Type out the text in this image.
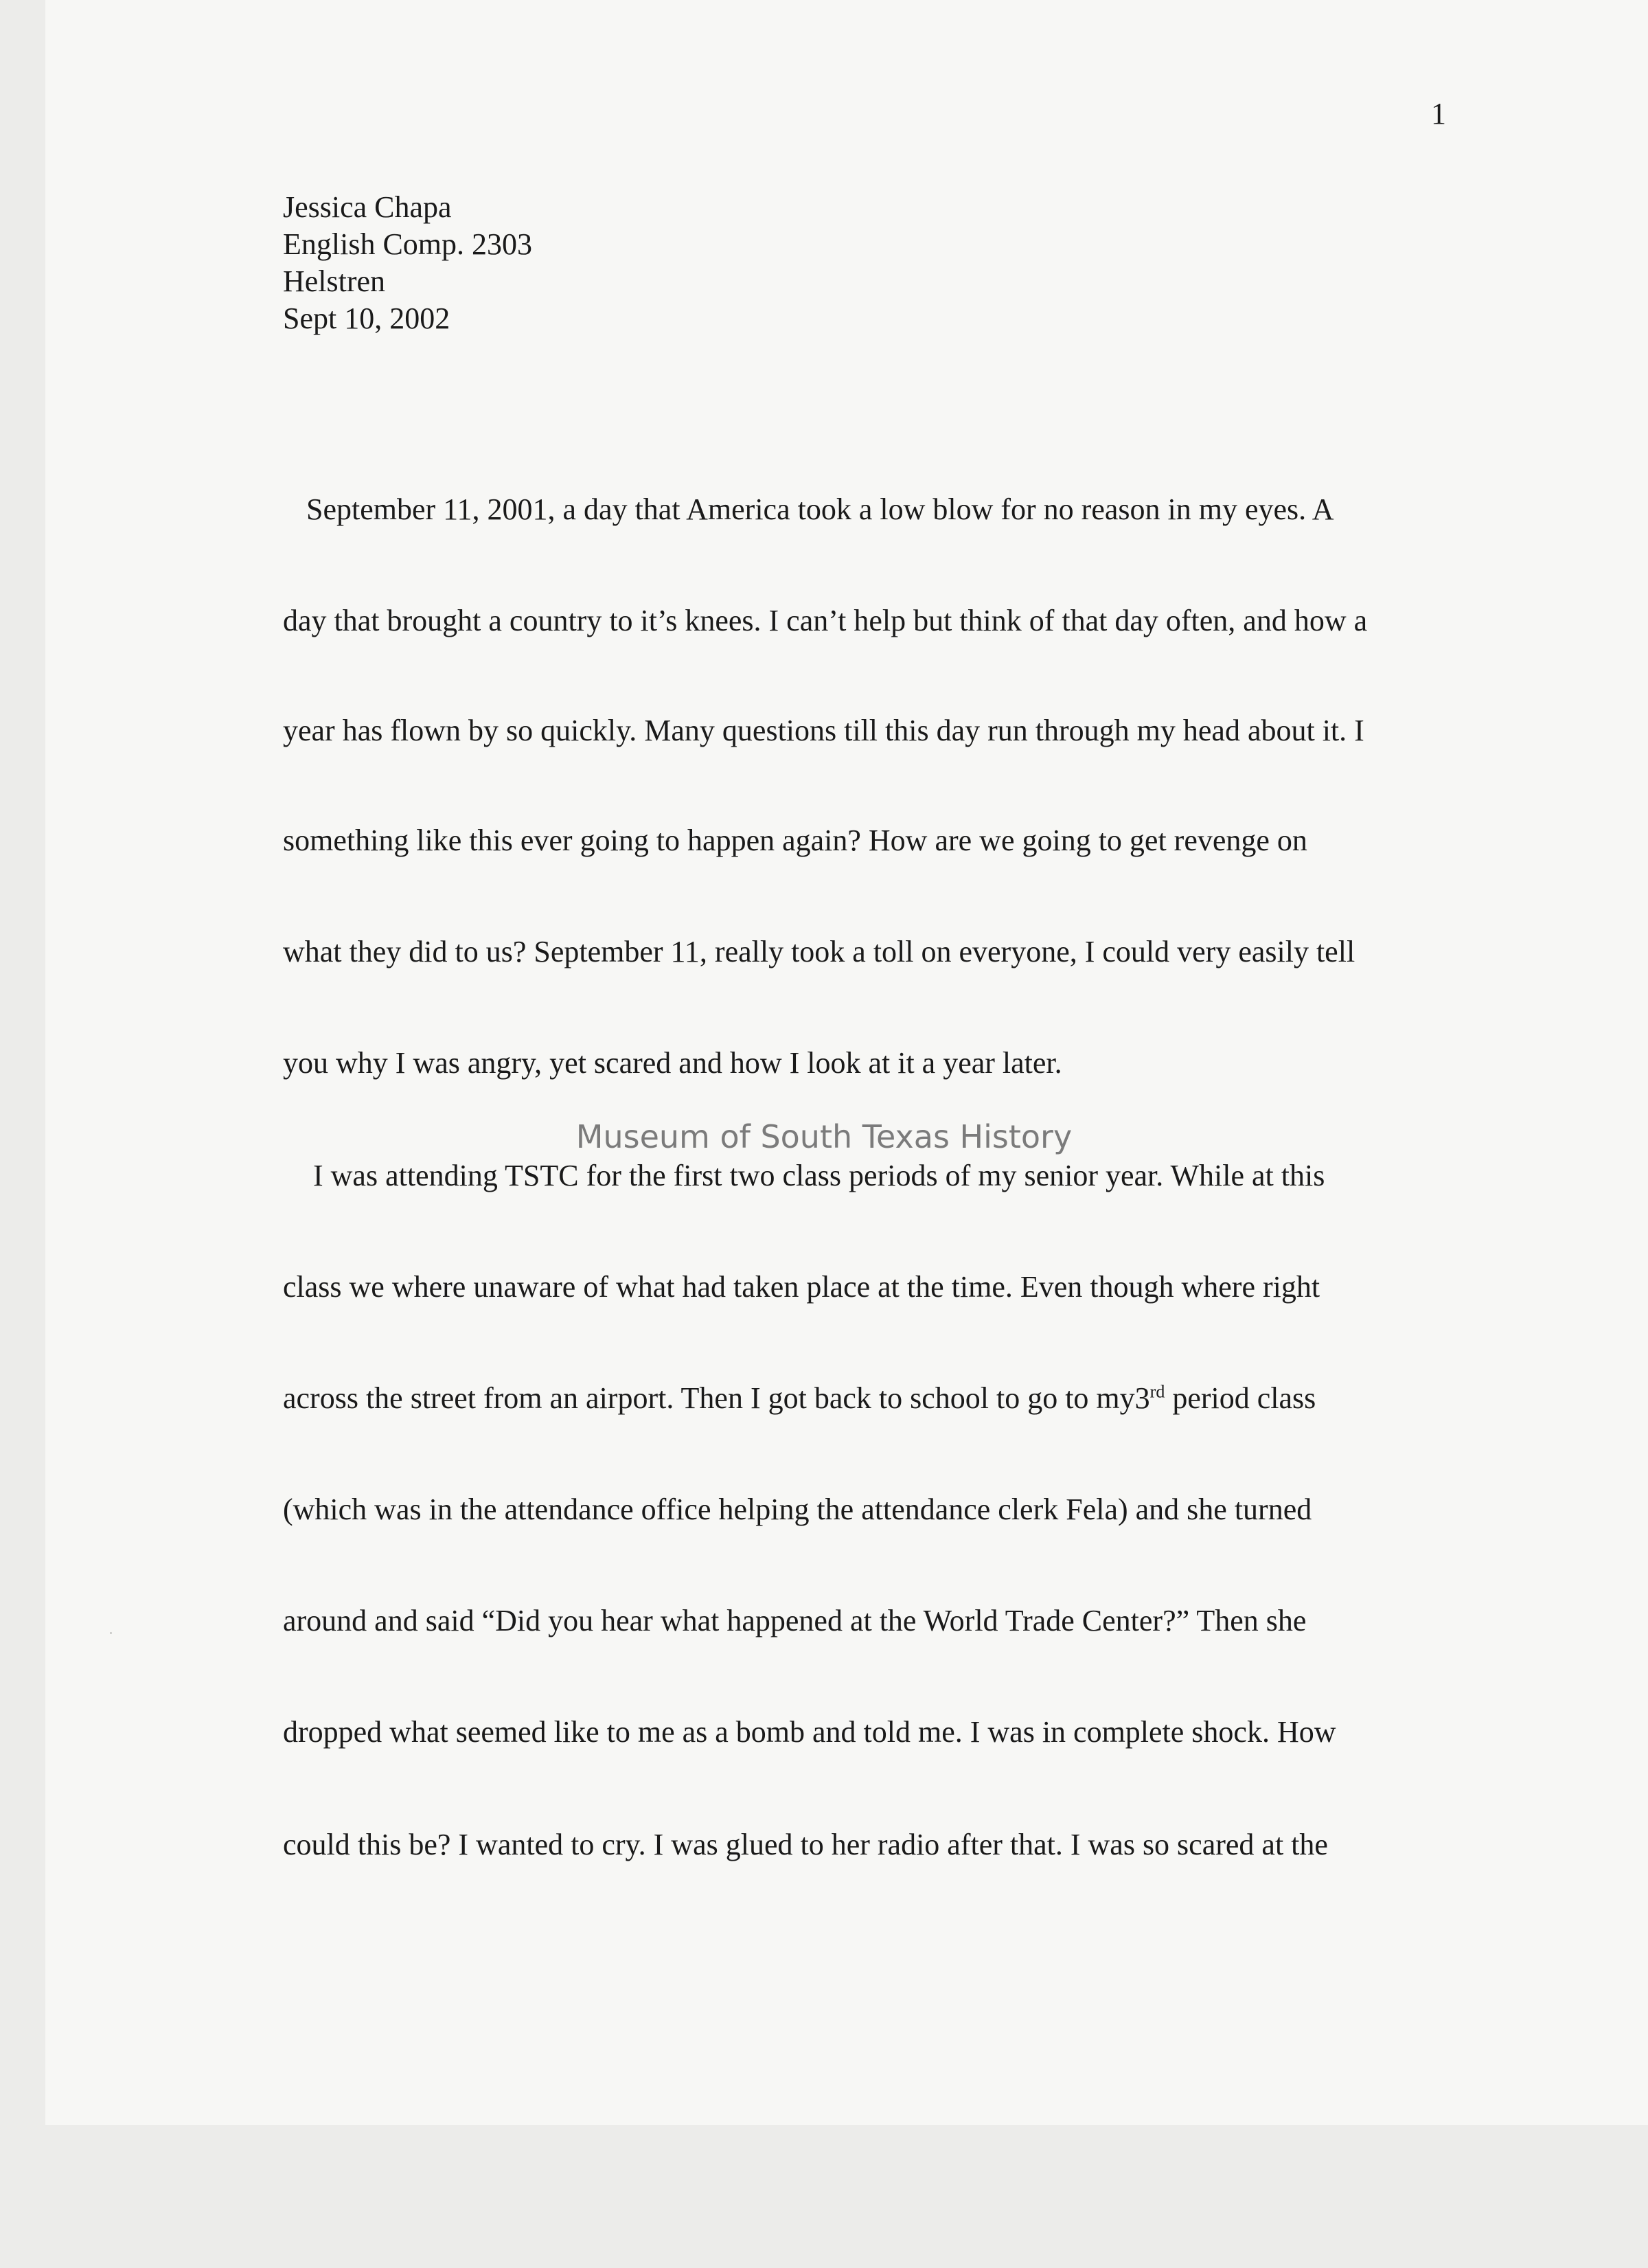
1
Jessica Chapa
English Comp. 2303
Helstren
Sept 10, 2002
September 11, 2001, a day that America took a low blow for no reason in my eyes. A
day that brought a country to it’s knees. I can’t help but think of that day often, and how a
year has flown by so quickly. Many questions till this day run through my head about it. I
something like this ever going to happen again? How are we going to get revenge on
what they did to us? September 11, really took a toll on everyone, I could very easily tell
you why I was angry, yet scared and how I look at it a year later.
I was attending TSTC for the first two class periods of my senior year. While at this
class we where unaware of what had taken place at the time. Even though where right
across the street from an airport. Then I got back to school to go to my3rd period class
(which was in the attendance office helping the attendance clerk Fela) and she turned
around and said “Did you hear what happened at the World Trade Center?” Then she
dropped what seemed like to me as a bomb and told me. I was in complete shock. How
could this be? I wanted to cry. I was glued to her radio after that. I was so scared at the
Museum of South Texas History
